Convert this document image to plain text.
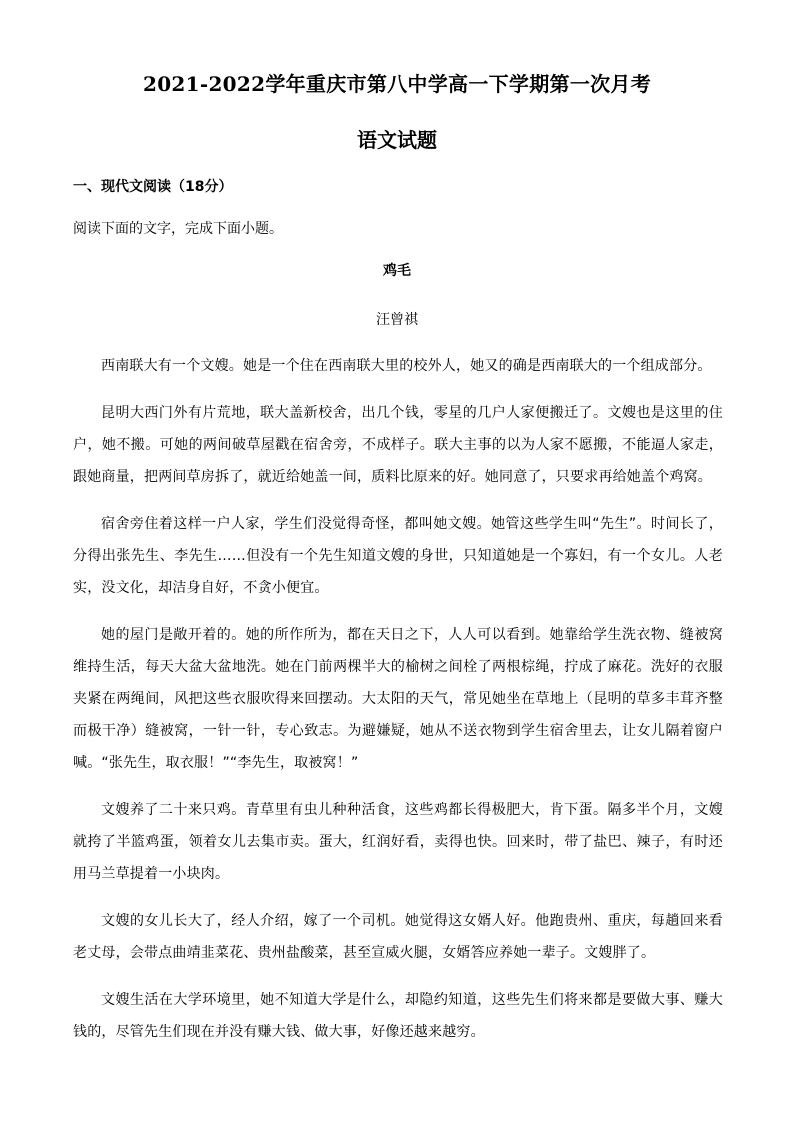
2021-2022学年重庆市第八中学高一下学期第一次月考
语文试题
一、现代文阅读（18分）
阅读下面的文字，完成下面小题。
鸡毛
汪曾祺

西南联大有一个文嫂。她是一个住在西南联大里的校外人，她又的确是西南联大的一个组成部分。

昆明大西门外有片荒地，联大盖新校舍，出几个钱，零星的几户人家便搬迁了。文嫂也是这里的住户，她不搬。可她的两间破草屋戳在宿舍旁，不成样子。联大主事的以为人家不愿搬，不能逼人家走，跟她商量，把两间草房拆了，就近给她盖一间，质料比原来的好。她同意了，只要求再给她盖个鸡窝。

宿舍旁住着这样一户人家，学生们没觉得奇怪，都叫她文嫂。她管这些学生叫“先生”。时间长了，分得出张先生、李先生……但没有一个先生知道文嫂的身世，只知道她是一个寡妇，有一个女儿。人老实，没文化，却洁身自好，不贪小便宜。

她的屋门是敞开着的。她的所作所为，都在天日之下，人人可以看到。她靠给学生洗衣物、缝被窝维持生活，每天大盆大盆地洗。她在门前两棵半大的榆树之间栓了两根棕绳，拧成了麻花。洗好的衣服夹紧在两绳间，风把这些衣服吹得来回摆动。大太阳的天气，常见她坐在草地上（昆明的草多丰茸齐整而极干净）缝被窝，一针一针，专心致志。为避嫌疑，她从不送衣物到学生宿舍里去，让女儿隔着窗户喊。“张先生，取衣服！”“李先生，取被窝！”

文嫂养了二十来只鸡。青草里有虫儿种种活食，这些鸡都长得极肥大，肯下蛋。隔多半个月，文嫂就挎了半篮鸡蛋，领着女儿去集市卖。蛋大，红润好看，卖得也快。回来时，带了盐巴、辣子，有时还用马兰草提着一小块肉。

文嫂的女儿长大了，经人介绍，嫁了一个司机。她觉得这女婿人好。他跑贵州、重庆，每趟回来看老丈母，会带点曲靖韭菜花、贵州盐酸菜，甚至宣威火腿，女婿答应养她一辈子。文嫂胖了。

文嫂生活在大学环境里，她不知道大学是什么，却隐约知道，这些先生们将来都是要做大事、赚大钱的，尽管先生们现在并没有赚大钱、做大事，好像还越来越穷。
